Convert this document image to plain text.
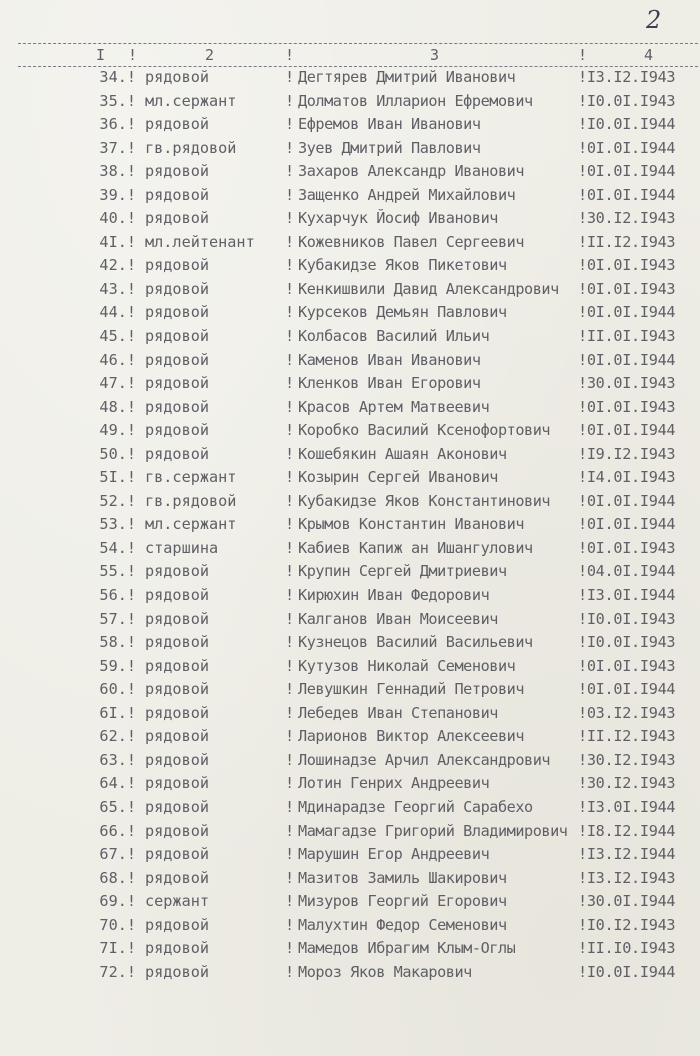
2
I !	2	!	3	!	4
34.! рядовой	! Дегтярев Дмитрий Иванович	!I3.I2.I943
35.! мл.сержант	! Долматов Илларион Ефремович	!I0.0I.I943
36.! рядовой	! Ефремов Иван Иванович	!I0.0I.I944
37.! гв.рядовой	! Зуев Дмитрий Павлович	!0I.0I.I944
38.! рядовой	! Захаров Александр Иванович	!0I.0I.I944
39.! рядовой	! Защенко Андрей Михайлович	!0I.0I.I944
40.! рядовой	! Кухарчук Йосиф Иванович	!30.I2.I943
4I.! мл.лейтенант ! Кожевников Павел Сергеевич	!II.I2.I943
42.! рядовой	! Кубакидзе Яков Пикетович	!0I.0I.I943
43.! рядовой	! Кенкишвили Давид Александрович !0I.0I.I943
44.! рядовой	! Курсеков Демьян Павлович	!0I.0I.I944
45.! рядовой	! Колбасов Василий Ильич	!II.0I.I943
46.! рядовой	! Каменов Иван Иванович	!0I.0I.I944
47.! рядовой	! Кленков Иван Егорович	!30.0I.I943
48.! рядовой	! Красов Артем Матвеевич	!0I.0I.I943
49.! рядовой	! Коробко Василий Ксенофортович !0I.0I.I944
50.! рядовой	! Кошебякин Ашаян Аконович	!I9.I2.I943
5I.! гв.сержант	! Козырин Сергей Иванович	!I4.0I.I943
52.! гв.рядовой	! Кубакидзе Яков Константинович !0I.0I.I944
53.! мл.сержант	! Крымов Константин Иванович	!0I.0I.I944
54.! старшина	! Кабиев Капиж ан Ишангулович	!0I.0I.I943
55.! рядовой	! Крупин Сергей Дмитриевич	!04.0I.I944
56.! рядовой	! Кирюхин Иван Федорович	!I3.0I.I944
57.! рядовой	! Калганов Иван Моисеевич	!I0.0I.I943
58.! рядовой	! Кузнецов Василий Васильевич	!I0.0I.I943
59.! рядовой	! Кутузов Николай Семенович	!0I.0I.I943
60.! рядовой	! Левушкин Геннадий Петрович	!0I.0I.I944
6I.! рядовой	! Лебедев Иван Степанович	!03.I2.I943
62.! рядовой	! Ларионов Виктор Алексеевич	!II.I2.I943
63.! рядовой	! Лошинадзе Арчил Александрович !30.I2.I943
64.! рядовой	! Лотин Генрих Андреевич	!30.I2.I943
65.! рядовой	! Мдинарадзе Георгий Сарабехо	!I3.0I.I944
66.! рядовой	! Мамагадзе Григорий Владимирович !I8.I2.I944
67.! рядовой	! Марушин Егор Андреевич	!I3.I2.I944
68.! рядовой	! Мазитов Замиль Шакирович	!I3.I2.I943
69.! сержант	! Мизуров Георгий Егорович	!30.0I.I944
70.! рядовой	! Малухтин Федор Семенович	!I0.I2.I943
7I.! рядовой	! Мамедов Ибрагим Клым-Оглы	!II.I0.I943
72.! рядовой	! Мороз Яков Макарович	!I0.0I.I944
